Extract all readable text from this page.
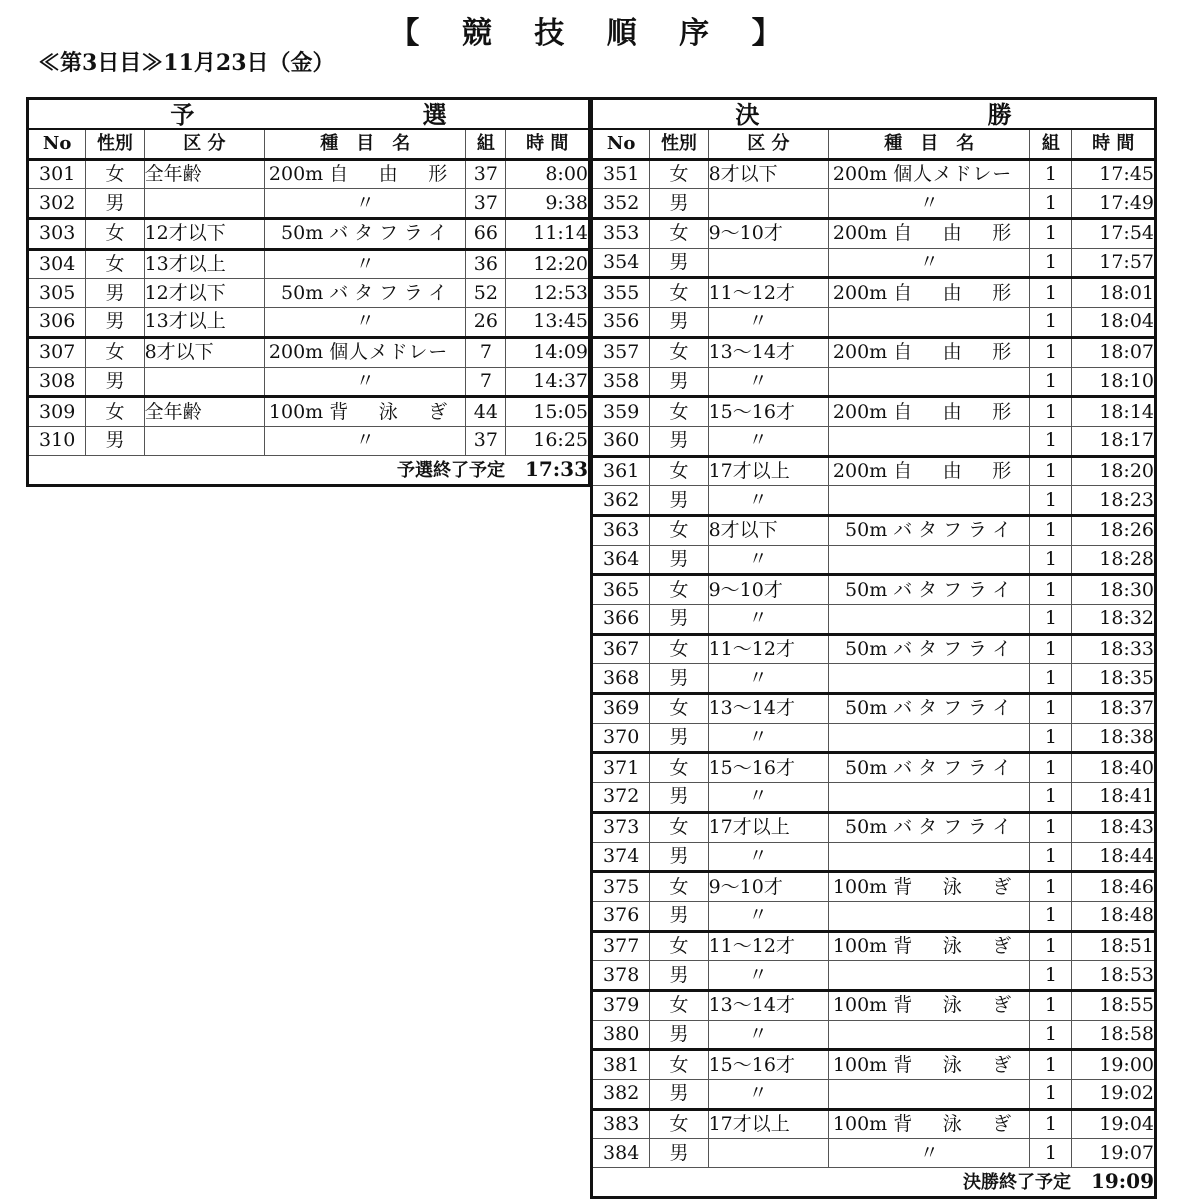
【 競 技 順 序 】
≪第3日目≫11月23日（金）
予 選					
No	性別	区 分	種　目　名	組	時 間
301	女	全年齢	200m 自 由 形	37	8:00
302	男		〃	37	9:38
303	女	12才以下	50m バタフライ	66	11:14
304	女	13才以上	〃	36	12:20
305	男	12才以下	50m バタフライ	52	12:53
306	男	13才以上	〃	26	13:45
307	女	8才以下	200m 個人メドレー	7	14:09
308	男		〃	7	14:37
309	女	全年齢	100m 背 泳 ぎ	44	15:05
310	男		〃	37	16:25
予選終了予定 17:33					
決 勝					
No	性別	区 分	種　目　名	組	時 間
351	女	8才以下	200m 個人メドレー	1	17:45
352	男		〃	1	17:49
353	女	9～10才	200m 自 由 形	1	17:54
354	男		〃	1	17:57
355	女	11～12才	200m 自 由 形	1	18:01
356	男	〃		1	18:04
357	女	13～14才	200m 自 由 形	1	18:07
358	男	〃		1	18:10
359	女	15～16才	200m 自 由 形	1	18:14
360	男	〃		1	18:17
361	女	17才以上	200m 自 由 形	1	18:20
362	男	〃		1	18:23
363	女	8才以下	50m バタフライ	1	18:26
364	男	〃		1	18:28
365	女	9～10才	50m バタフライ	1	18:30
366	男	〃		1	18:32
367	女	11～12才	50m バタフライ	1	18:33
368	男	〃		1	18:35
369	女	13～14才	50m バタフライ	1	18:37
370	男	〃		1	18:38
371	女	15～16才	50m バタフライ	1	18:40
372	男	〃		1	18:41
373	女	17才以上	50m バタフライ	1	18:43
374	男	〃		1	18:44
375	女	9～10才	100m 背 泳 ぎ	1	18:46
376	男	〃		1	18:48
377	女	11～12才	100m 背 泳 ぎ	1	18:51
378	男	〃		1	18:53
379	女	13～14才	100m 背 泳 ぎ	1	18:55
380	男	〃		1	18:58
381	女	15～16才	100m 背 泳 ぎ	1	19:00
382	男	〃		1	19:02
383	女	17才以上	100m 背 泳 ぎ	1	19:04
384	男		〃	1	19:07
決勝終了予定 19:09					
